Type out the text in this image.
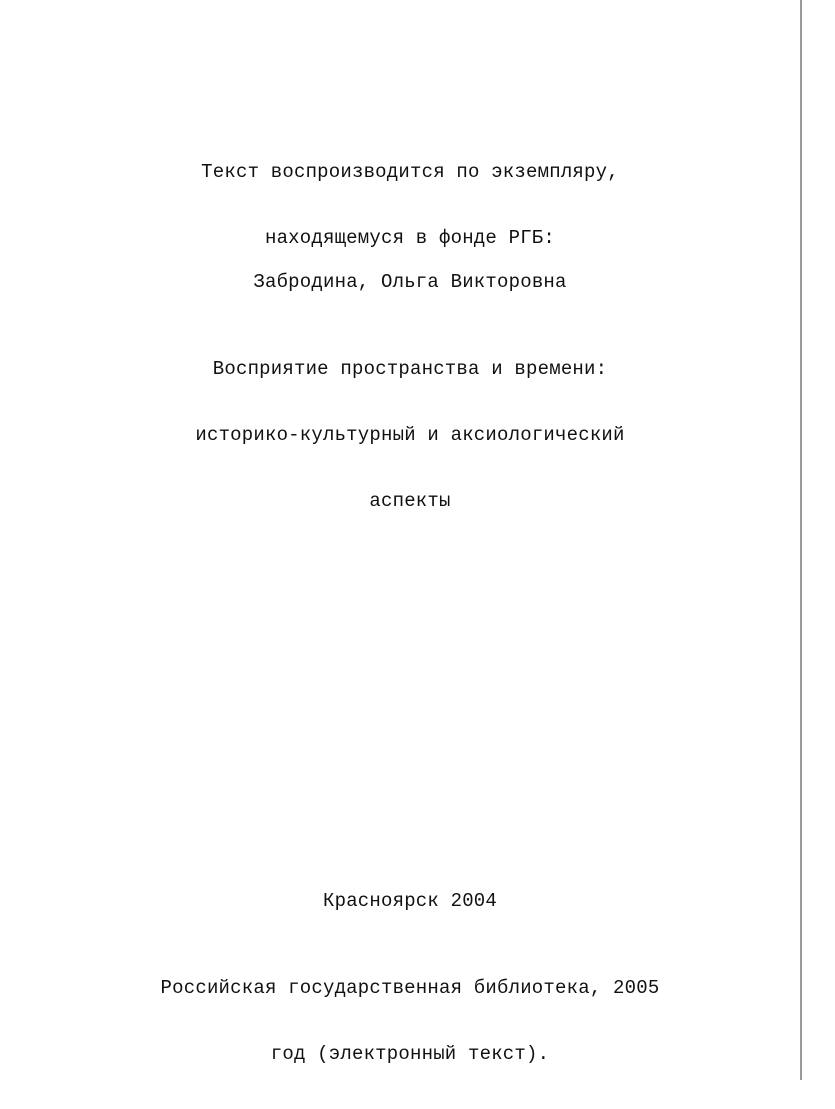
Текст воспроизводится по экземпляру,

находящемуся в фонде РГБ:

Забродина, Ольга Викторовна

Восприятие пространства и времени:

историко-культурный и аксиологический

аспекты

Красноярск 2004

Российская государственная библиотека, 2005

год (электронный текст).
